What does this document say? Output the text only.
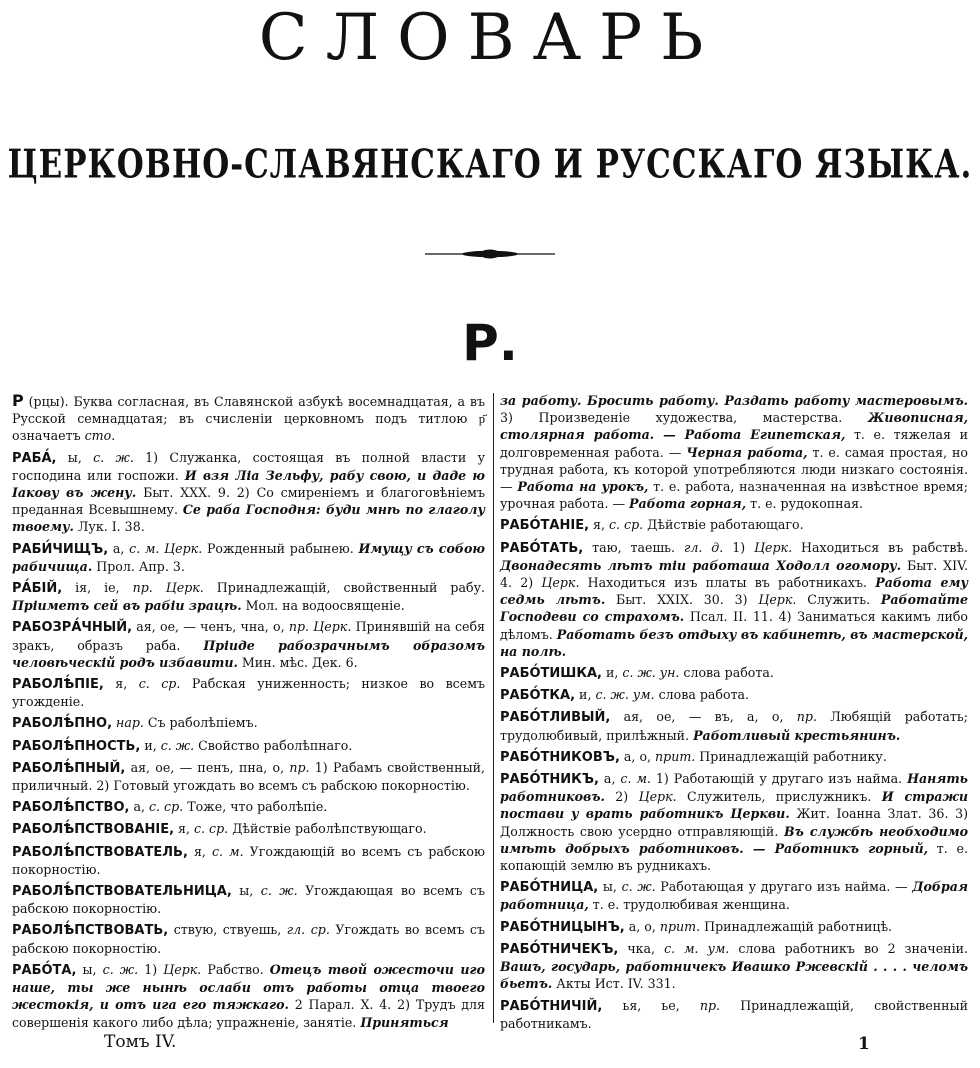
СЛОВАРЬ
ЦЕРКОВНО-СЛАВЯНСКАГО И РУССКАГО ЯЗЫКА.
Р.

Р (рцы). Буква согласная, въ Славянской азбукѣ восемнадцатая, а въ Русской семнадцатая; въ счисленіи церковномъ подъ титлою р҃ означаетъ сто.

РАБА́, ы, с. ж. 1) Служанка, состоящая въ полной власти у господина или госпожи. И взя Ліа Зельфу, рабу свою, и даде ю Іакову въ жену. Быт. XXX. 9. 2) Со смиреніемъ и благоговѣніемъ преданная Всевышнему. Се раба Господня: буди мнѣ по глаголу твоему. Лук. I. 38.

РАБИ́ЧИЩЪ, а, с. м. Церк. Рожденный рабынею. Имущу съ собою рабичища. Прол. Апр. 3.

РА́БІЙ, ія, іе, пр. Церк. Принадлежащій, свойственный рабу. Пріиметъ сей въ рабіи зрацѣ. Мол. на водоосвященіе.

РАБОЗРА́ЧНЫЙ, ая, ое, — ченъ, чна, о, пр. Церк. Принявшій на себя зракъ, образъ раба. Пріиде рабозрачнымъ образомъ человѣческій родъ избавити. Мин. мѣс. Дек. 6.

РАБОЛѢ́ПІЕ, я, с. ср. Рабская униженность; низкое во всемъ угожденіе.

РАБОЛѢ́ПНО, нар. Съ раболѣпіемъ.

РАБОЛѢ́ПНОСТЬ, и, с. ж. Свойство раболѣпнаго.

РАБОЛѢ́ПНЫЙ, ая, ое, — пенъ, пна, о, пр. 1) Рабамъ свойственный, приличный. 2) Готовый угождать во всемъ съ рабскою покорностію.

РАБОЛѢ́ПСТВО, а, с. ср. Тоже, что раболѣпіе.

РАБОЛѢ́ПСТВОВАНІЕ, я, с. ср. Дѣйствіе раболѣпствующаго.

РАБОЛѢ́ПСТВОВАТЕЛЬ, я, с. м. Угождающій во всемъ съ рабскою покорностію.

РАБОЛѢ́ПСТВОВАТЕЛЬНИЦА, ы, с. ж. Угождающая во всемъ съ рабскою покорностію.

РАБОЛѢ́ПСТВОВАТЬ, ствую, ствуешь, гл. ср. Угождать во всемъ съ рабскою покорностію.

РАБО́ТА, ы, с. ж. 1) Церк. Рабство. Отецъ твой ожесточи иго наше, ты же нынѣ ослаби отъ работы отца твоего жестокія, и отъ ига его тяжкаго. 2 Парал. X. 4. 2) Трудъ для совершенія какого либо дѣла; упражненіе, занятіе. Приняться

за работу. Бросить работу. Раздать работу мастеровымъ. 3) Произведеніе художества, мастерства. Живописная, столярная работа. — Работа Египетская, т. е. тяжелая и долговременная работа. — Черная работа, т. е. самая простая, но трудная работа, къ которой употребляются люди низкаго состоянія. — Работа на урокъ, т. е. работа, назначенная на извѣстное время; урочная работа. — Работа горная, т. е. рудокопная.

РАБО́ТАНІЕ, я, с. ср. Дѣйствіе работающаго.

РАБО́ТАТЬ, таю, таешь. гл. д. 1) Церк. Находиться въ рабствѣ. Двонадесять лѣтъ тіи работаша Ходолл огомору. Быт. XIV. 4. 2) Церк. Находиться изъ платы въ работникахъ. Работа ему седмь лѣтъ. Быт. XXIX. 30. 3) Церк. Служить. Работайте Господеви со страхомъ. Псал. II. 11. 4) Заниматься какимъ либо дѣломъ. Работать безъ отдыху въ кабинетѣ, въ мастерской, на полѣ.

РАБО́ТИШКА, и, с. ж. ун. слова работа.

РАБО́ТКА, и, с. ж. ум. слова работа.

РАБО́ТЛИВЫЙ, ая, ое, — въ, а, о, пр. Любящій работать; трудолюбивый, прилѣжный. Работливый крестьянинъ.

РАБО́ТНИКОВЪ, а, о, прит. Принадлежащій работнику.

РАБО́ТНИКЪ, а, с. м. 1) Работающій у другаго изъ найма. Нанять работниковъ. 2) Церк. Служитель, прислужникъ. И стражи постави у врать работникъ Церкви. Жит. Іоанна Злат. 36. 3) Должность свою усердно отправляющій. Въ службѣ необходимо имѣть добрыхъ работниковъ. — Работникъ горный, т. е. копающій землю въ рудникахъ.

РАБО́ТНИЦА, ы, с. ж. Работающая у другаго изъ найма. — Добрая работница, т. е. трудолюбивая женщина.

РАБО́ТНИЦЫНЪ, а, о, прит. Принадлежащій работницѣ.

РАБО́ТНИЧЕКЪ, чка, с. м. ум. слова работникъ во 2 значеніи. Вашъ, государь, работничекъ Ивашко Ржевскій . . . . челомъ бьетъ. Акты Ист. IV. 331.

РАБО́ТНИЧІЙ, ья, ье, пр. Принадлежащій, свойственный работникамъ.

Томъ IV.	1
